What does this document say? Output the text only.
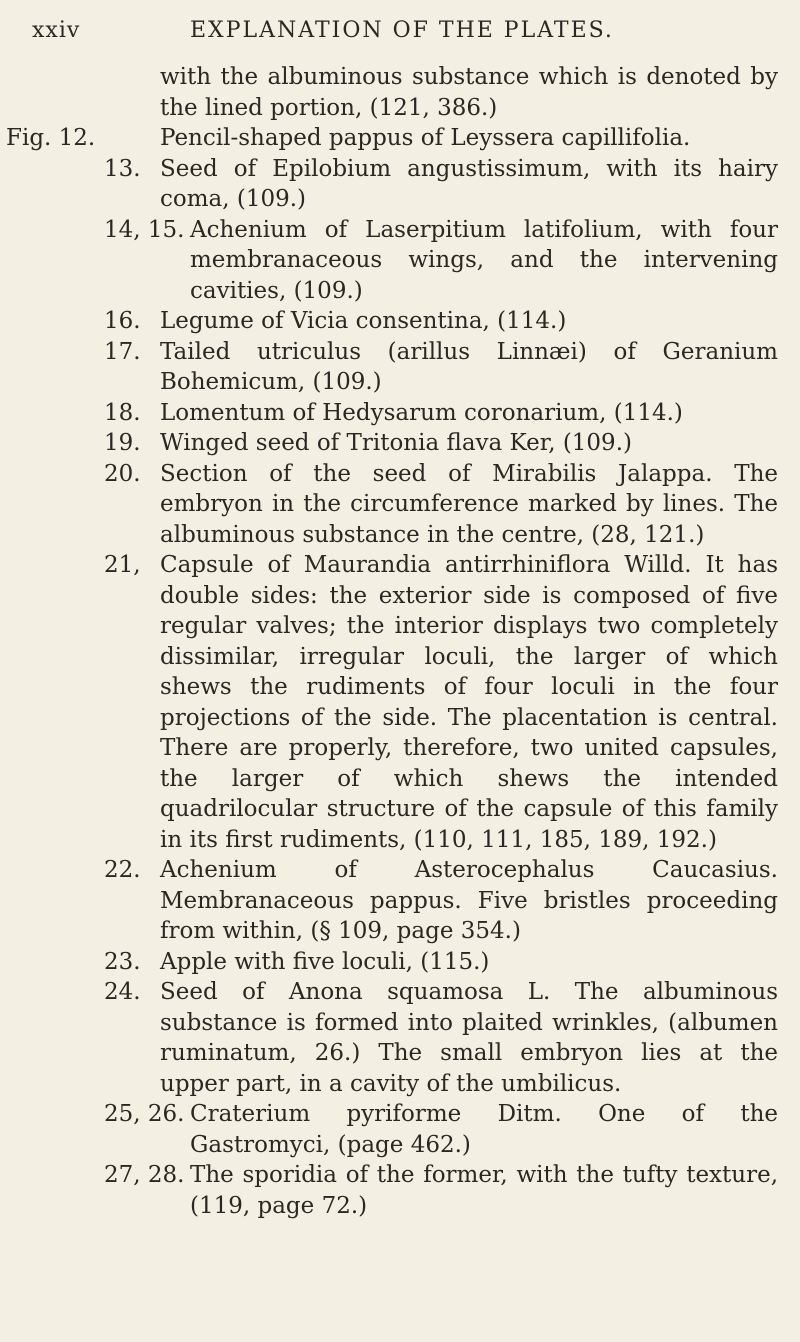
xxiv	EXPLANATION OF THE PLATES.
with the albuminous substance which is denoted by the lined portion, (121, 386.)
Fig. 12.	Pencil-shaped pappus of Leyssera capillifolia.
13. Seed of Epilobium angustissimum, with its hairy coma, (109.)
14, 15. Achenium of Laserpitium latifolium, with four membranaceous wings, and the intervening cavities, (109.)
16. Legume of Vicia consentina, (114.)
17. Tailed utriculus (arillus Linnæi) of Geranium Bohemicum, (109.)
18. Lomentum of Hedysarum coronarium, (114.)
19. Winged seed of Tritonia flava Ker, (109.)
20. Section of the seed of Mirabilis Jalappa. The embryon in the circumference marked by lines. The albuminous substance in the centre, (28, 121.)
21, Capsule of Maurandia antirrhiniflora Willd. It has double sides: the exterior side is composed of five regular valves; the interior displays two completely dissimilar, irregular loculi, the larger of which shews the rudiments of four loculi in the four projections of the side. The placentation is central. There are properly, therefore, two united capsules, the larger of which shews the intended quadrilocular structure of the capsule of this family in its first rudiments, (110, 111, 185, 189, 192.)
22. Achenium of Asterocephalus Caucasius. Membranaceous pappus. Five bristles proceeding from within, (§ 109, page 354.)
23. Apple with five loculi, (115.)
24. Seed of Anona squamosa L. The albuminous substance is formed into plaited wrinkles, (albumen ruminatum, 26.) The small embryon lies at the upper part, in a cavity of the umbilicus.
25, 26. Craterium pyriforme Ditm. One of the Gastromyci, (page 462.)
27, 28. The sporidia of the former, with the tufty texture, (119, page 72.)
